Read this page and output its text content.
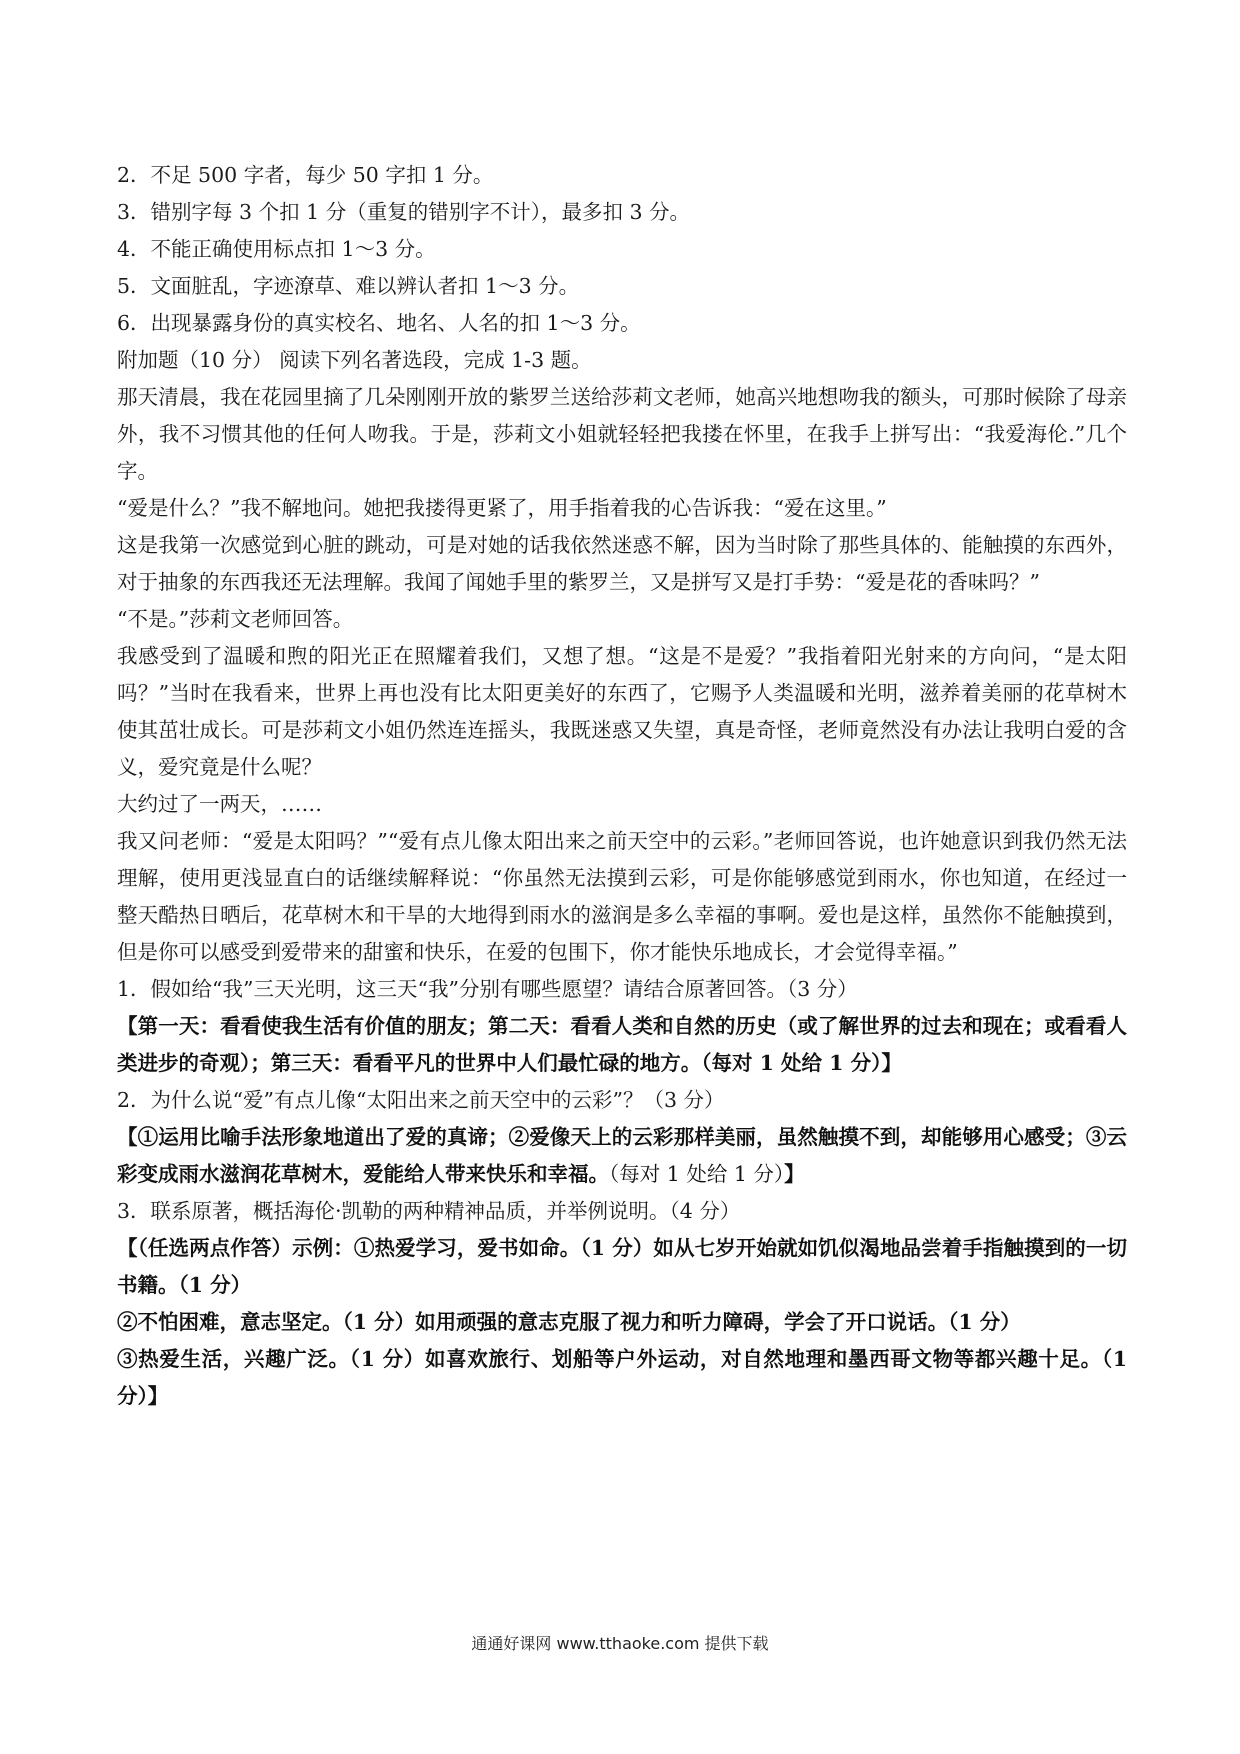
2．不足 500 字者，每少 50 字扣 1 分。

3．错别字每 3 个扣 1 分（重复的错别字不计），最多扣 3 分。

4．不能正确使用标点扣 1～3 分。

5．文面脏乱，字迹潦草、难以辨认者扣 1～3 分。

6．出现暴露身份的真实校名、地名、人名的扣 1～3 分。

附加题（10 分） 阅读下列名著选段，完成 1-3 题。

那天清晨，我在花园里摘了几朵刚刚开放的紫罗兰送给莎莉文老师，她高兴地想吻我的额头，可那时候除了母亲外，我不习惯其他的任何人吻我。于是，莎莉文小姐就轻轻把我搂在怀里，在我手上拼写出：“我爱海伦.”几个字。

“爱是什么？”我不解地问。她把我搂得更紧了，用手指着我的心告诉我：“爱在这里。”

这是我第一次感觉到心脏的跳动，可是对她的话我依然迷惑不解，因为当时除了那些具体的、能触摸的东西外，对于抽象的东西我还无法理解。我闻了闻她手里的紫罗兰，又是拼写又是打手势：“爱是花的香味吗？”

“不是。”莎莉文老师回答。

我感受到了温暖和煦的阳光正在照耀着我们，又想了想。“这是不是爱？”我指着阳光射来的方向问，“是太阳吗？”当时在我看来，世界上再也没有比太阳更美好的东西了，它赐予人类温暖和光明，滋养着美丽的花草树木使其茁壮成长。可是莎莉文小姐仍然连连摇头，我既迷惑又失望，真是奇怪，老师竟然没有办法让我明白爱的含义，爱究竟是什么呢？

大约过了一两天，……

我又问老师：“爱是太阳吗？”“爱有点儿像太阳出来之前天空中的云彩。”老师回答说，也许她意识到我仍然无法理解，使用更浅显直白的话继续解释说：“你虽然无法摸到云彩，可是你能够感觉到雨水，你也知道，在经过一整天酷热日晒后，花草树木和干旱的大地得到雨水的滋润是多么幸福的事啊。爱也是这样，虽然你不能触摸到，但是你可以感受到爱带来的甜蜜和快乐，在爱的包围下，你才能快乐地成长，才会觉得幸福。”

1．假如给“我”三天光明，这三天“我”分别有哪些愿望？请结合原著回答。（3 分）

【第一天：看看使我生活有价值的朋友；第二天：看看人类和自然的历史（或了解世界的过去和现在；或看看人类进步的奇观）；第三天：看看平凡的世界中人们最忙碌的地方。（每对 1 处给 1 分）】

2．为什么说“爱”有点儿像“太阳出来之前天空中的云彩”？（3 分）

【①运用比喻手法形象地道出了爱的真谛；②爱像天上的云彩那样美丽，虽然触摸不到，却能够用心感受；③云彩变成雨水滋润花草树木，爱能给人带来快乐和幸福。（每对 1 处给 1 分）】

3．联系原著，概括海伦·凯勒的两种精神品质，并举例说明。（4 分）

【（任选两点作答）示例：①热爱学习，爱书如命。（1 分）如从七岁开始就如饥似渴地品尝着手指触摸到的一切书籍。（1 分）

②不怕困难，意志坚定。（1 分）如用顽强的意志克服了视力和听力障碍，学会了开口说话。（1 分）

③热爱生活，兴趣广泛。（1 分）如喜欢旅行、划船等户外运动，对自然地理和墨西哥文物等都兴趣十足。（1 分）】

通通好课网 www.tthaoke.com 提供下载
